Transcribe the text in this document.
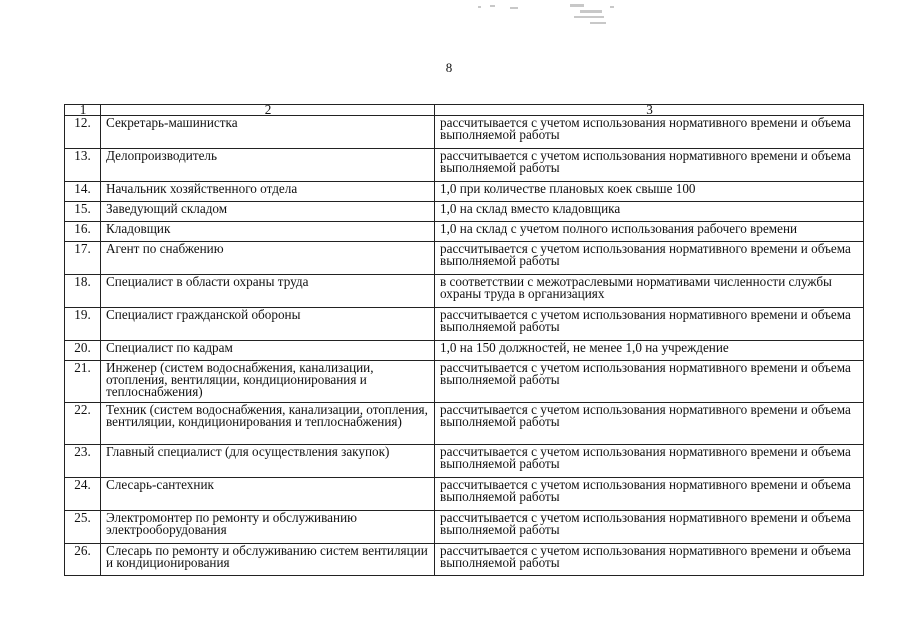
8
1	2	3
12.	Секретарь-машинистка	рассчитывается с учетом использования нормативного времени и объема выполняемой работы
13.	Делопроизводитель	рассчитывается с учетом использования нормативного времени и объема выполняемой работы
14.	Начальник хозяйственного отдела	1,0 при количестве плановых коек свыше 100
15.	Заведующий складом	1,0 на склад вместо кладовщика
16.	Кладовщик	1,0 на склад с учетом полного использования рабочего времени
17.	Агент по снабжению	рассчитывается с учетом использования нормативного времени и объема выполняемой работы
18.	Специалист в области охраны труда	в соответствии с межотраслевыми нормативами численности службы охраны труда в организациях
19.	Специалист гражданской обороны	рассчитывается с учетом использования нормативного времени и объема выполняемой работы
20.	Специалист по кадрам	1,0 на 150 должностей, не менее 1,0 на учреждение
21.	Инженер (систем водоснабжения, канализации, отопления, вентиляции, кондиционирования и теплоснабжения)	рассчитывается с учетом использования нормативного времени и объема выполняемой работы
22.	Техник (систем водоснабжения, канализации, отопления, вентиляции, кондиционирования и теплоснабжения)	рассчитывается с учетом использования нормативного времени и объема выполняемой работы
23.	Главный специалист (для осуществления закупок)	рассчитывается с учетом использования нормативного времени и объема выполняемой работы
24.	Слесарь-сантехник	рассчитывается с учетом использования нормативного времени и объема выполняемой работы
25.	Электромонтер по ремонту и обслуживанию электрооборудования	рассчитывается с учетом использования нормативного времени и объема выполняемой работы
26.	Слесарь по ремонту и обслуживанию систем вентиляции и кондиционирования	рассчитывается с учетом использования нормативного времени и объема выполняемой работы
